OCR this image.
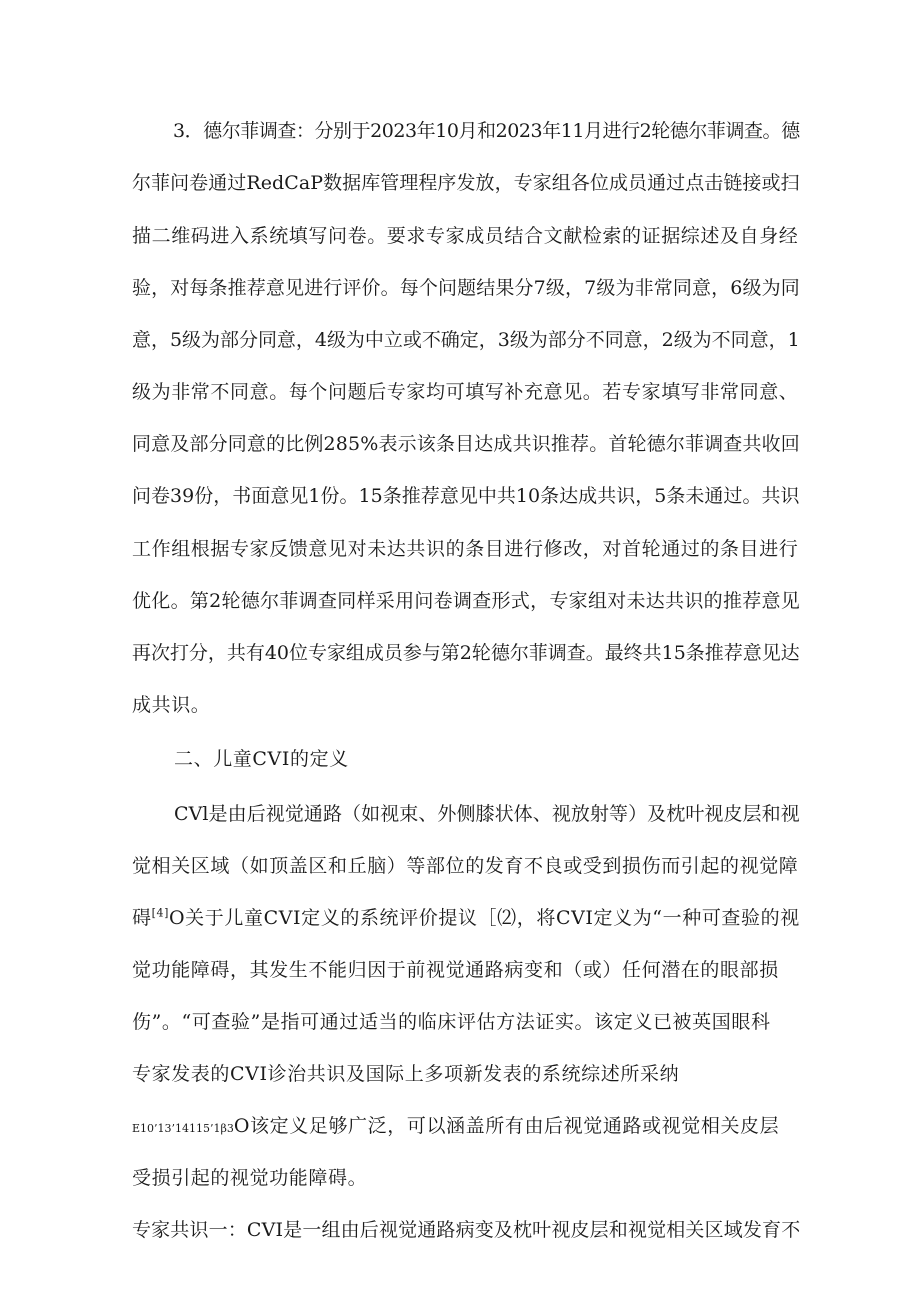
3．德尔菲调查：分别于2023年10月和2023年11月进行2轮德尔菲调查。德
尔菲问卷通过RedCaP数据库管理程序发放，专家组各位成员通过点击链接或扫
描二维码进入系统填写问卷。要求专家成员结合文献检索的证据综述及自身经
验，对每条推荐意见进行评价。每个问题结果分7级，7级为非常同意，6级为同
意，5级为部分同意，4级为中立或不确定，3级为部分不同意，2级为不同意，1
级为非常不同意。每个问题后专家均可填写补充意见。若专家填写非常同意、
同意及部分同意的比例285%表示该条目达成共识推荐。首轮德尔菲调查共收回
问卷39份，书面意见1份。15条推荐意见中共10条达成共识，5条未通过。共识
工作组根据专家反馈意见对未达共识的条目进行修改，对首轮通过的条目进行
优化。第2轮德尔菲调查同样采用问卷调查形式，专家组对未达共识的推荐意见
再次打分，共有40位专家组成员参与第2轮德尔菲调查。最终共15条推荐意见达
成共识。
二、儿童CVI的定义
CVl是由后视觉通路（如视束、外侧膝状体、视放射等）及枕叶视皮层和视
觉相关区域（如顶盖区和丘脑）等部位的发育不良或受到损伤而引起的视觉障
碍[4]O关于儿童CVI定义的系统评价提议［⑵，将CVI定义为“一种可查验的视
觉功能障碍，其发生不能归因于前视觉通路病变和（或）任何潜在的眼部损
伤”。“可查验”是指可通过适当的临床评估方法证实。该定义已被英国眼科
专家发表的CVI诊治共识及国际上多项新发表的系统综述所采纳
E10’13’14115’1β3O该定义足够广泛，可以涵盖所有由后视觉通路或视觉相关皮层
受损引起的视觉功能障碍。
专家共识一：CVI是一组由后视觉通路病变及枕叶视皮层和视觉相关区域发育不
